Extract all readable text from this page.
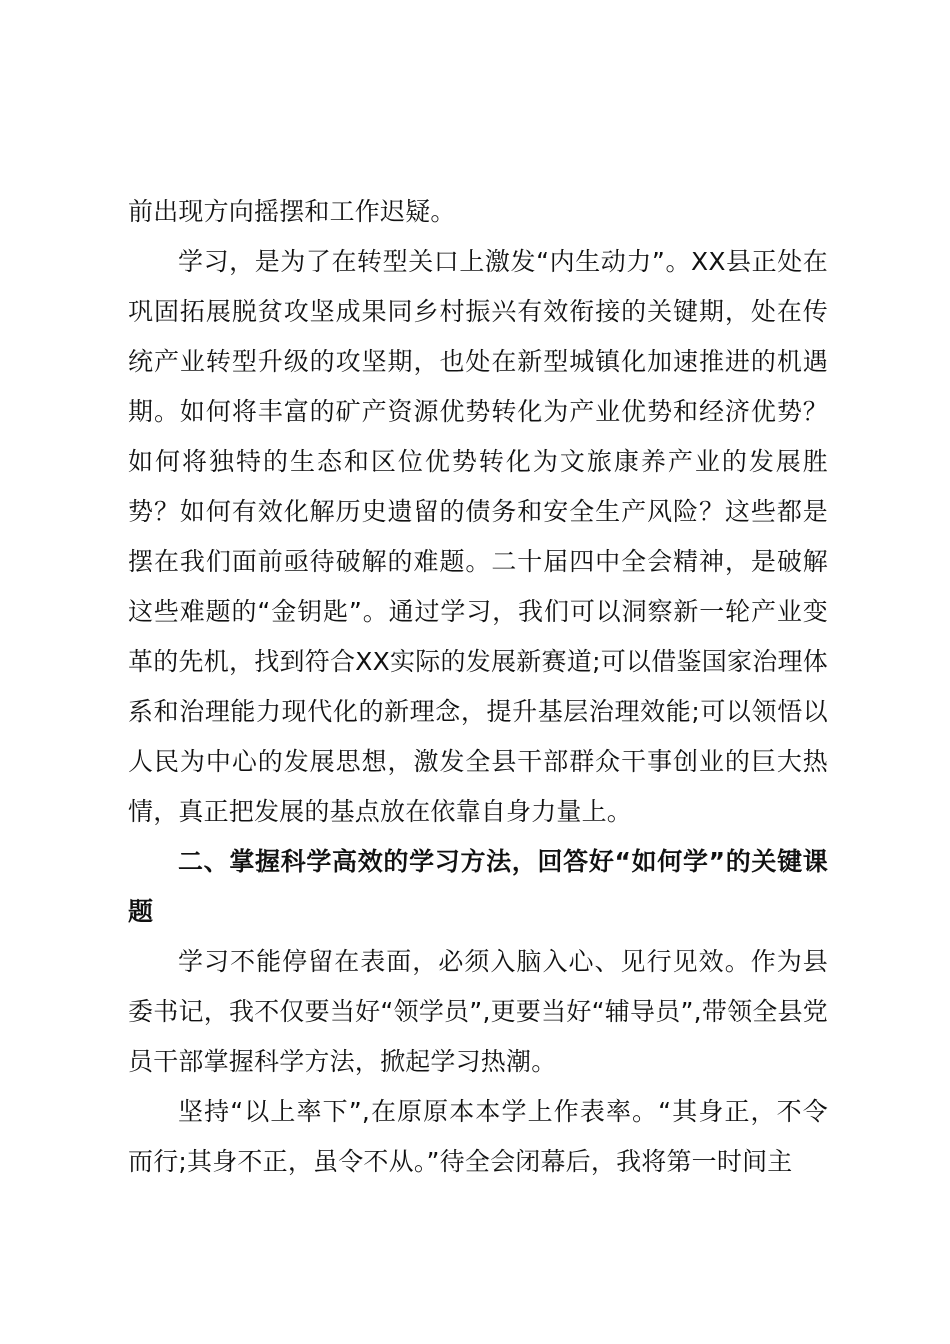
前出现方向摇摆和工作迟疑。

学习，是为了在转型关口上激发“内生动力”。XX县正处在巩固拓展脱贫攻坚成果同乡村振兴有效衔接的关键期，处在传统产业转型升级的攻坚期，也处在新型城镇化加速推进的机遇期。如何将丰富的矿产资源优势转化为产业优势和经济优势？如何将独特的生态和区位优势转化为文旅康养产业的发展胜势？如何有效化解历史遗留的债务和安全生产风险？这些都是摆在我们面前亟待破解的难题。二十届四中全会精神，是破解这些难题的“金钥匙”。通过学习，我们可以洞察新一轮产业变革的先机，找到符合XX实际的发展新赛道;可以借鉴国家治理体系和治理能力现代化的新理念，提升基层治理效能;可以领悟以人民为中心的发展思想，激发全县干部群众干事创业的巨大热情，真正把发展的基点放在依靠自身力量上。

二、掌握科学高效的学习方法，回答好“如何学”的关键课题

学习不能停留在表面，必须入脑入心、见行见效。作为县委书记，我不仅要当好“领学员”,更要当好“辅导员”,带领全县党员干部掌握科学方法，掀起学习热潮。

坚持“以上率下”,在原原本本学上作表率。“其身正，不令而行;其身不正，虽令不从。”待全会闭幕后，我将第一时间主
